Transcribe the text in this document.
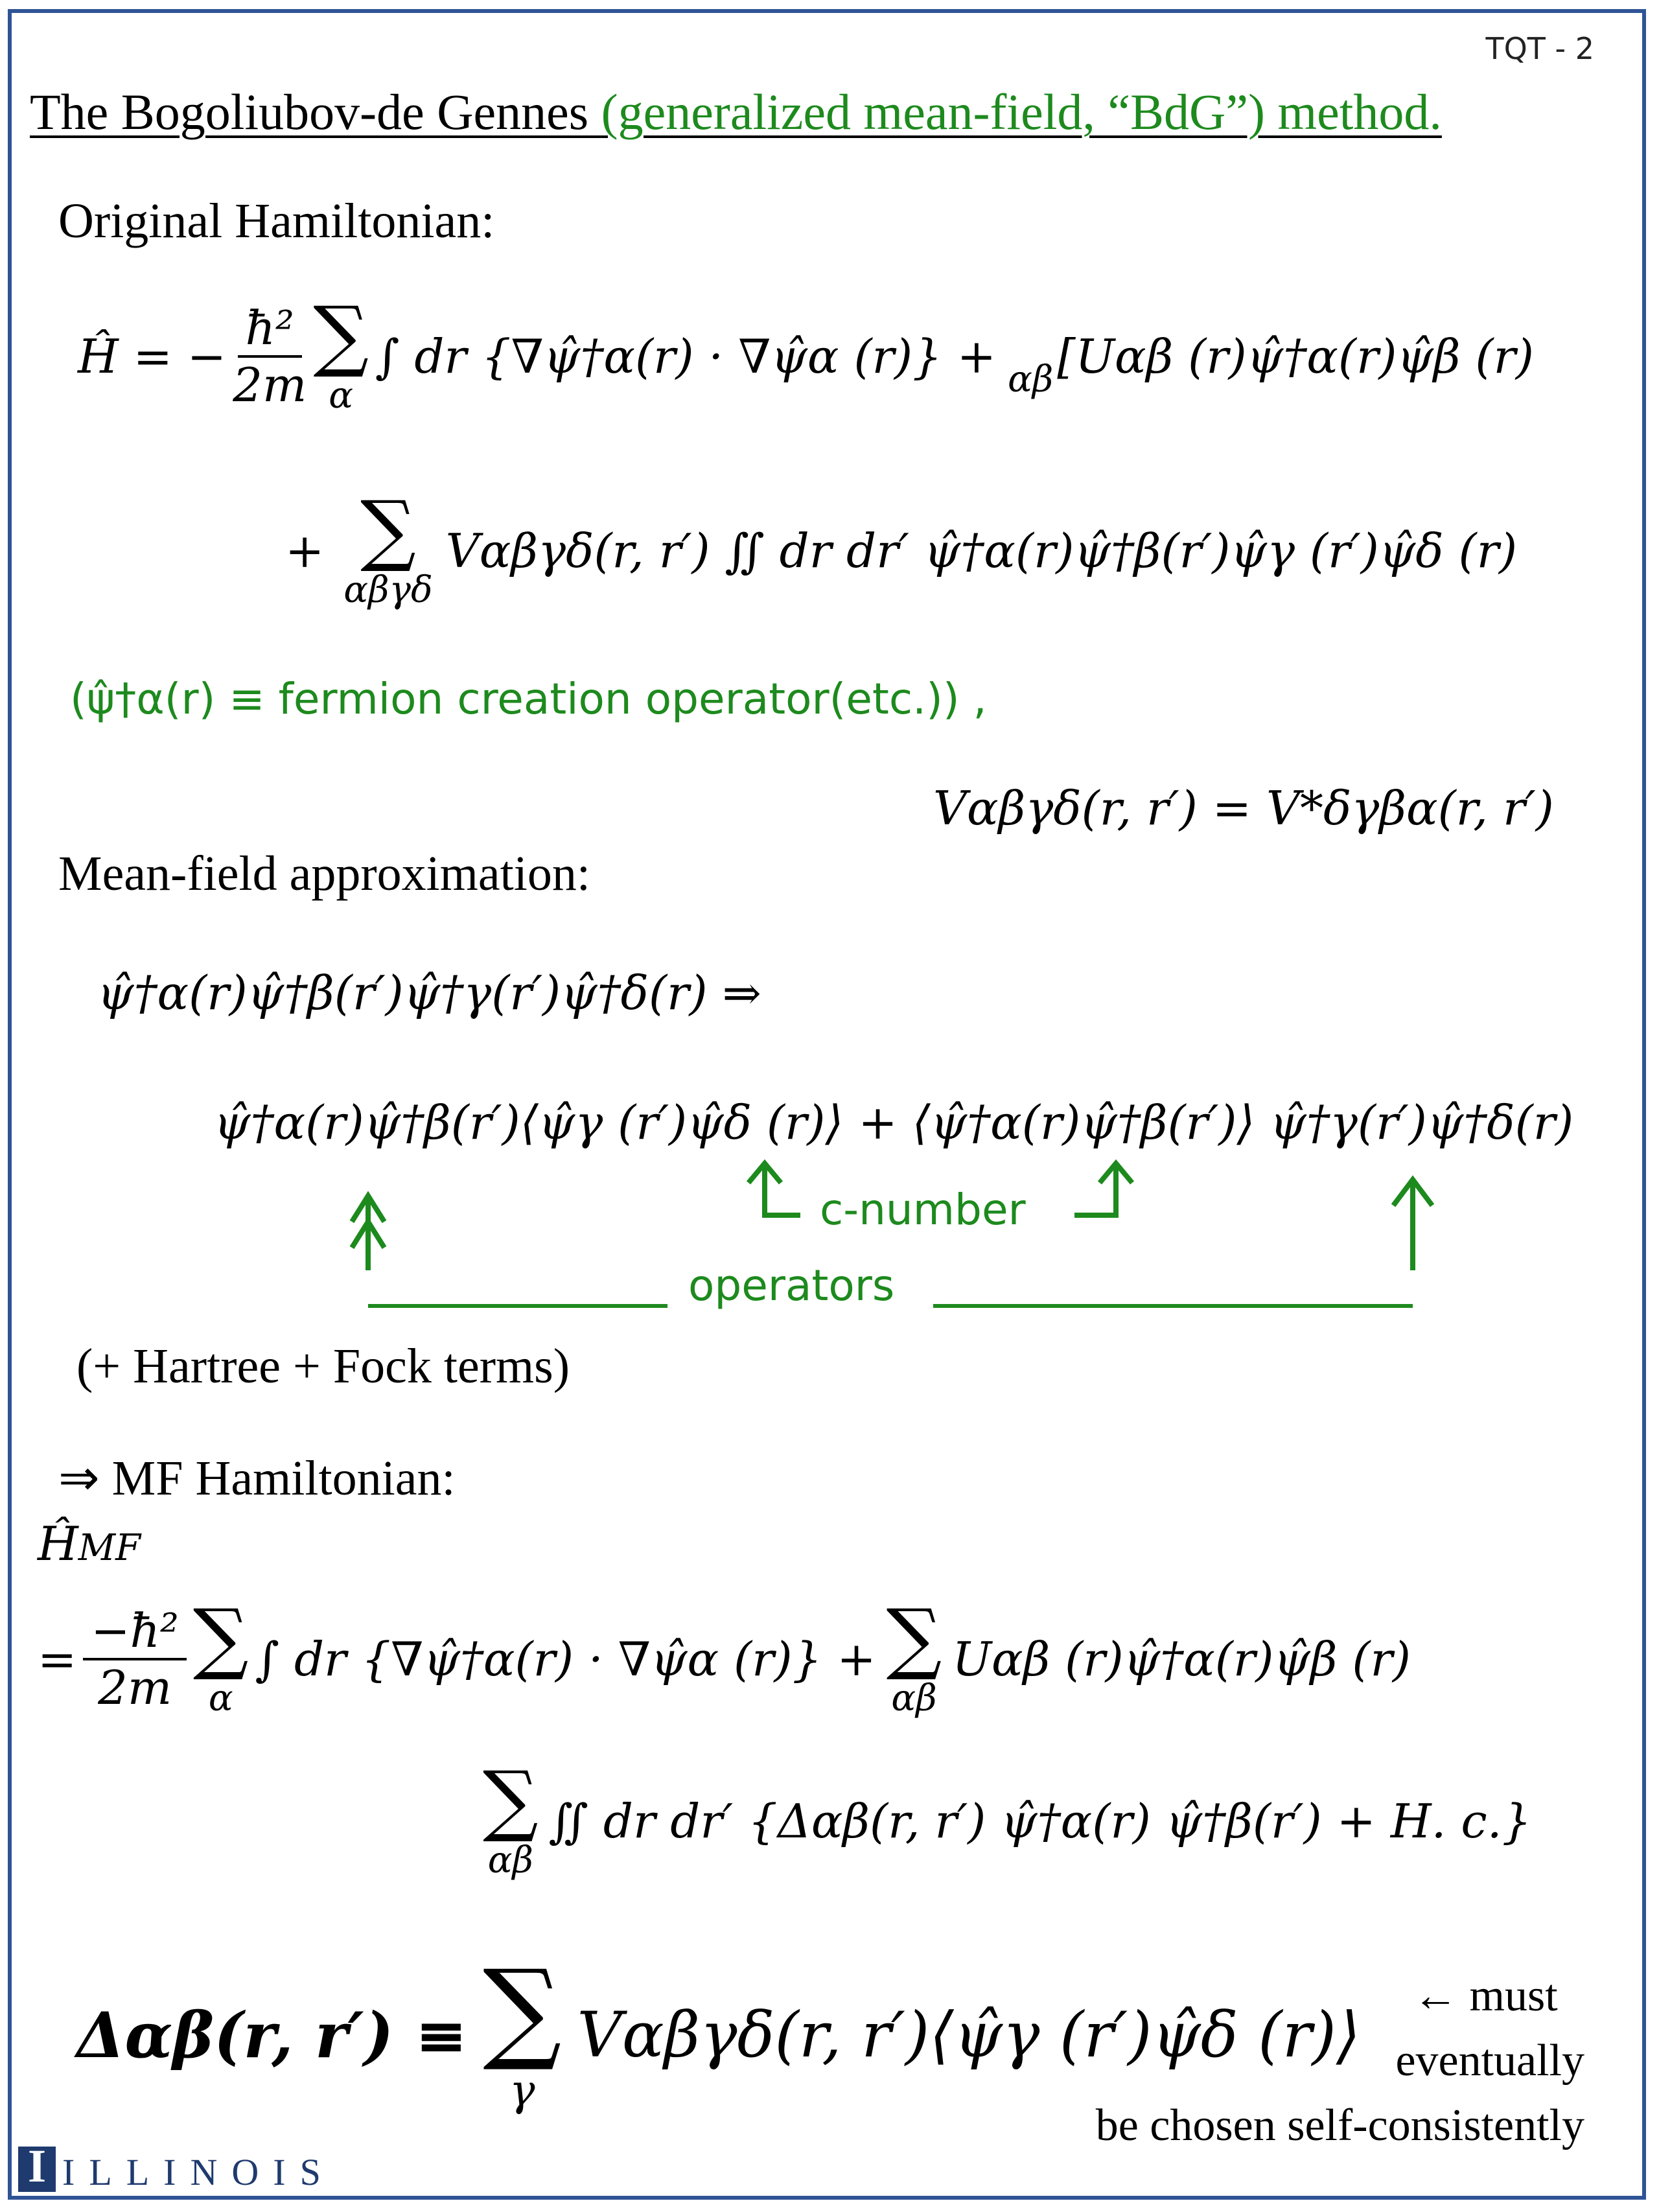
TQT - 2
The Bogoliubov-de Gennes (generalized mean-field, “BdG”) method.
Original Hamiltonian:
Ĥ = − $\frac{\text{ħ²}}{2m}$ ∑
α
∫ dr {∇ψ̂†α(r) · ∇ψ̂α (r)} + αβ [Uαβ (r)ψ̂†α(r)ψ̂β (r)
+ ∑
αβγδ
Vαβγδ(r, r′) ∬ dr dr′ ψ̂†α(r)ψ̂†β(r′)ψ̂γ (r′)ψ̂δ (r)
(ψ̂†α(r) ≡ fermion creation operator(etc.)) ,
Vαβγδ(r, r′) = V*δγβα(r, r′)
Mean-field approximation:
ψ̂†α(r)ψ̂†β(r′)ψ̂†γ(r′)ψ̂†δ(r) ⇒
ψ̂†α(r)ψ̂†β(r′)⟨ψ̂γ (r′)ψ̂δ (r)⟩ + ⟨ψ̂†α(r)ψ̂†β(r′)⟩ ψ̂†γ(r′)ψ̂†δ(r)
c-number
operators
(+ Hartree + Fock terms)
⇒ MF Hamiltonian:
ĤMF
= $\frac{\text{−ħ²}}{2m}$ ∑
α
∫ dr {∇ψ̂†α(r) · ∇ψ̂α (r)} + ∑
αβ
Uαβ (r)ψ̂†α(r)ψ̂β (r)
∑
αβ
∬ dr dr′ {Δαβ(r, r′) ψ̂†α(r) ψ̂†β(r′) + H. c.}
Δαβ(r, r′) ≡ ∑
γ
Vαβγδ(r, r′)⟨ψ̂γ (r′)ψ̂δ (r)⟩
← must
eventually
be chosen self-consistently
I ILLINOIS
